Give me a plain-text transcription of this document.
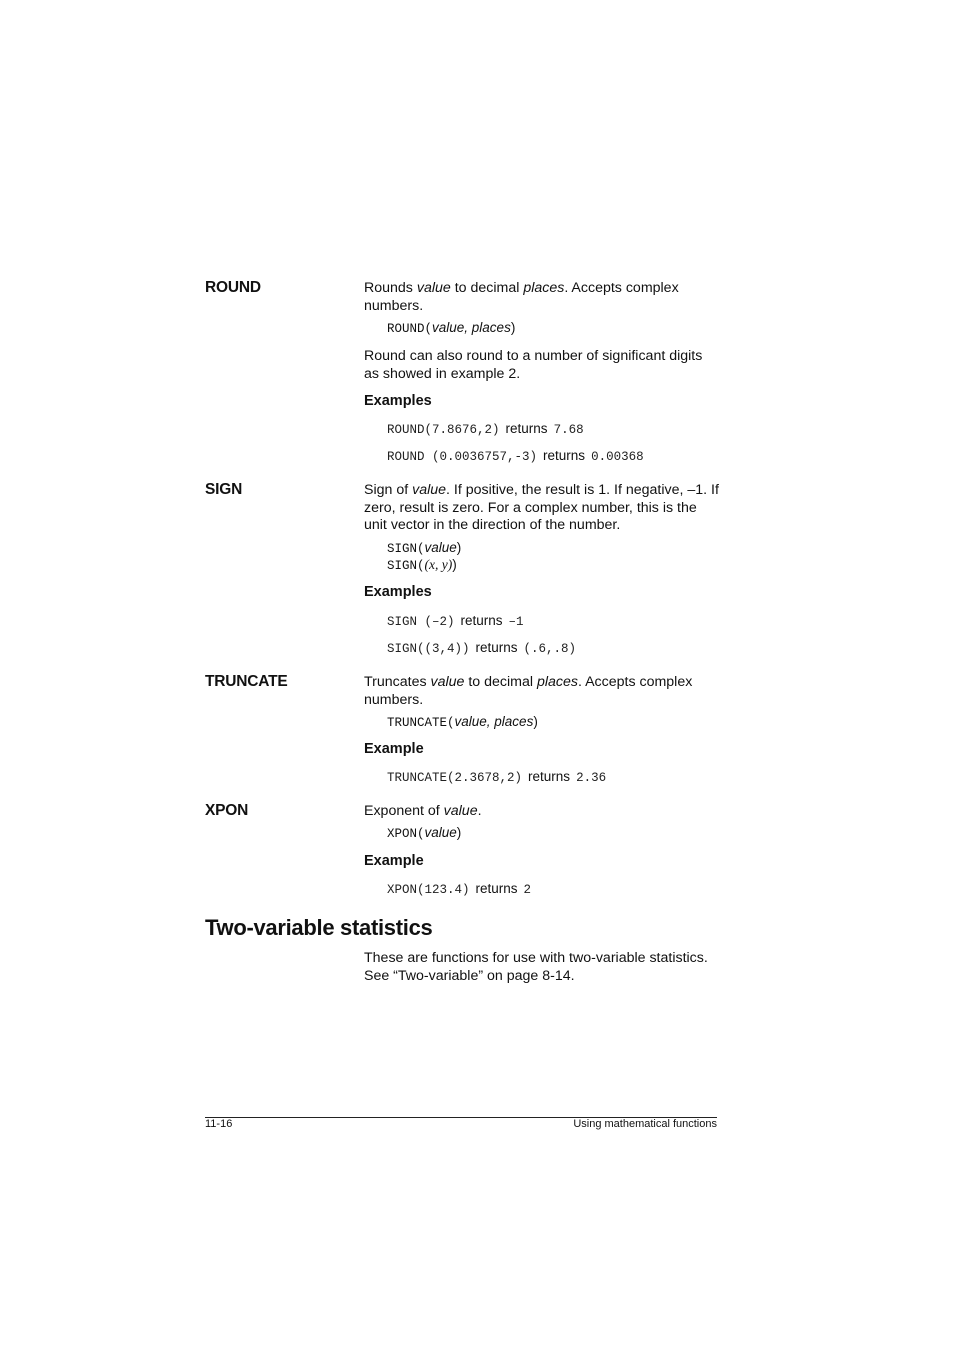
ROUND	Rounds value to decimal places. Accepts complex numbers.
ROUND(value, places)
Round can also round to a number of significant digits as showed in example 2.
Examples
ROUND(7.8676,2) returns 7.68
ROUND (0.0036757,-3) returns 0.00368
SIGN	Sign of value. If positive, the result is 1. If negative, –1. If zero, result is zero. For a complex number, this is the unit vector in the direction of the number.
SIGN(value)
SIGN((x, y))
Examples
SIGN (–2) returns –1
SIGN((3,4)) returns (.6,.8)
TRUNCATE	Truncates value to decimal places. Accepts complex numbers.
TRUNCATE(value, places)
Example
TRUNCATE(2.3678,2) returns 2.36
XPON	Exponent of value.
XPON(value)
Example
XPON(123.4) returns 2
Two-variable statistics
These are functions for use with two-variable statistics. See “Two-variable” on page 8-14.
11-16	Using mathematical functions
